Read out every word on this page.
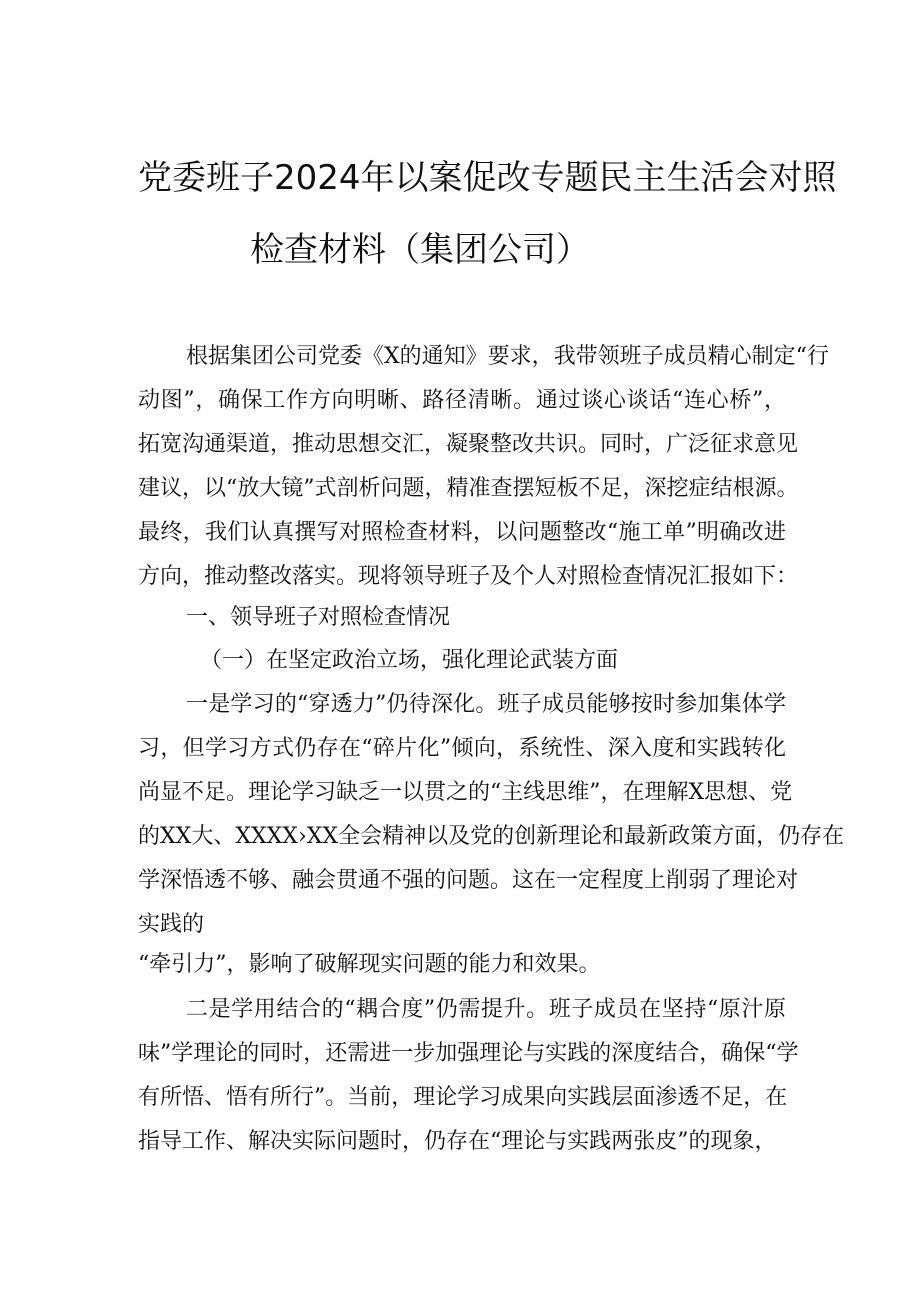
党委班子2024年以案促改专题民主生活会对照
检查材料（集团公司）
根据集团公司党委《X的通知》要求，我带领班子成员精心制定“行
动图”，确保工作方向明晰、路径清晰。通过谈心谈话“连心桥”，
拓宽沟通渠道，推动思想交汇，凝聚整改共识。同时，广泛征求意见
建议，以“放大镜”式剖析问题，精准查摆短板不足，深挖症结根源。
最终，我们认真撰写对照检查材料，以问题整改“施工单”明确改进
方向，推动整改落实。现将领导班子及个人对照检查情况汇报如下：
一、领导班子对照检查情况
（一）在坚定政治立场，强化理论武装方面
一是学习的“穿透力”仍待深化。班子成员能够按时参加集体学
习，但学习方式仍存在“碎片化”倾向，系统性、深入度和实践转化
尚显不足。理论学习缺乏一以贯之的“主线思维”，在理解X思想、党
的XX大、XXXX›XX全会精神以及党的创新理论和最新政策方面，仍存在
学深悟透不够、融会贯通不强的问题。这在一定程度上削弱了理论对
实践的
“牵引力”，影响了破解现实问题的能力和效果。
二是学用结合的“耦合度”仍需提升。班子成员在坚持“原汁原
味”学理论的同时，还需进一步加强理论与实践的深度结合，确保“学
有所悟、悟有所行”。当前，理论学习成果向实践层面渗透不足，在
指导工作、解决实际问题时，仍存在“理论与实践两张皮”的现象，
